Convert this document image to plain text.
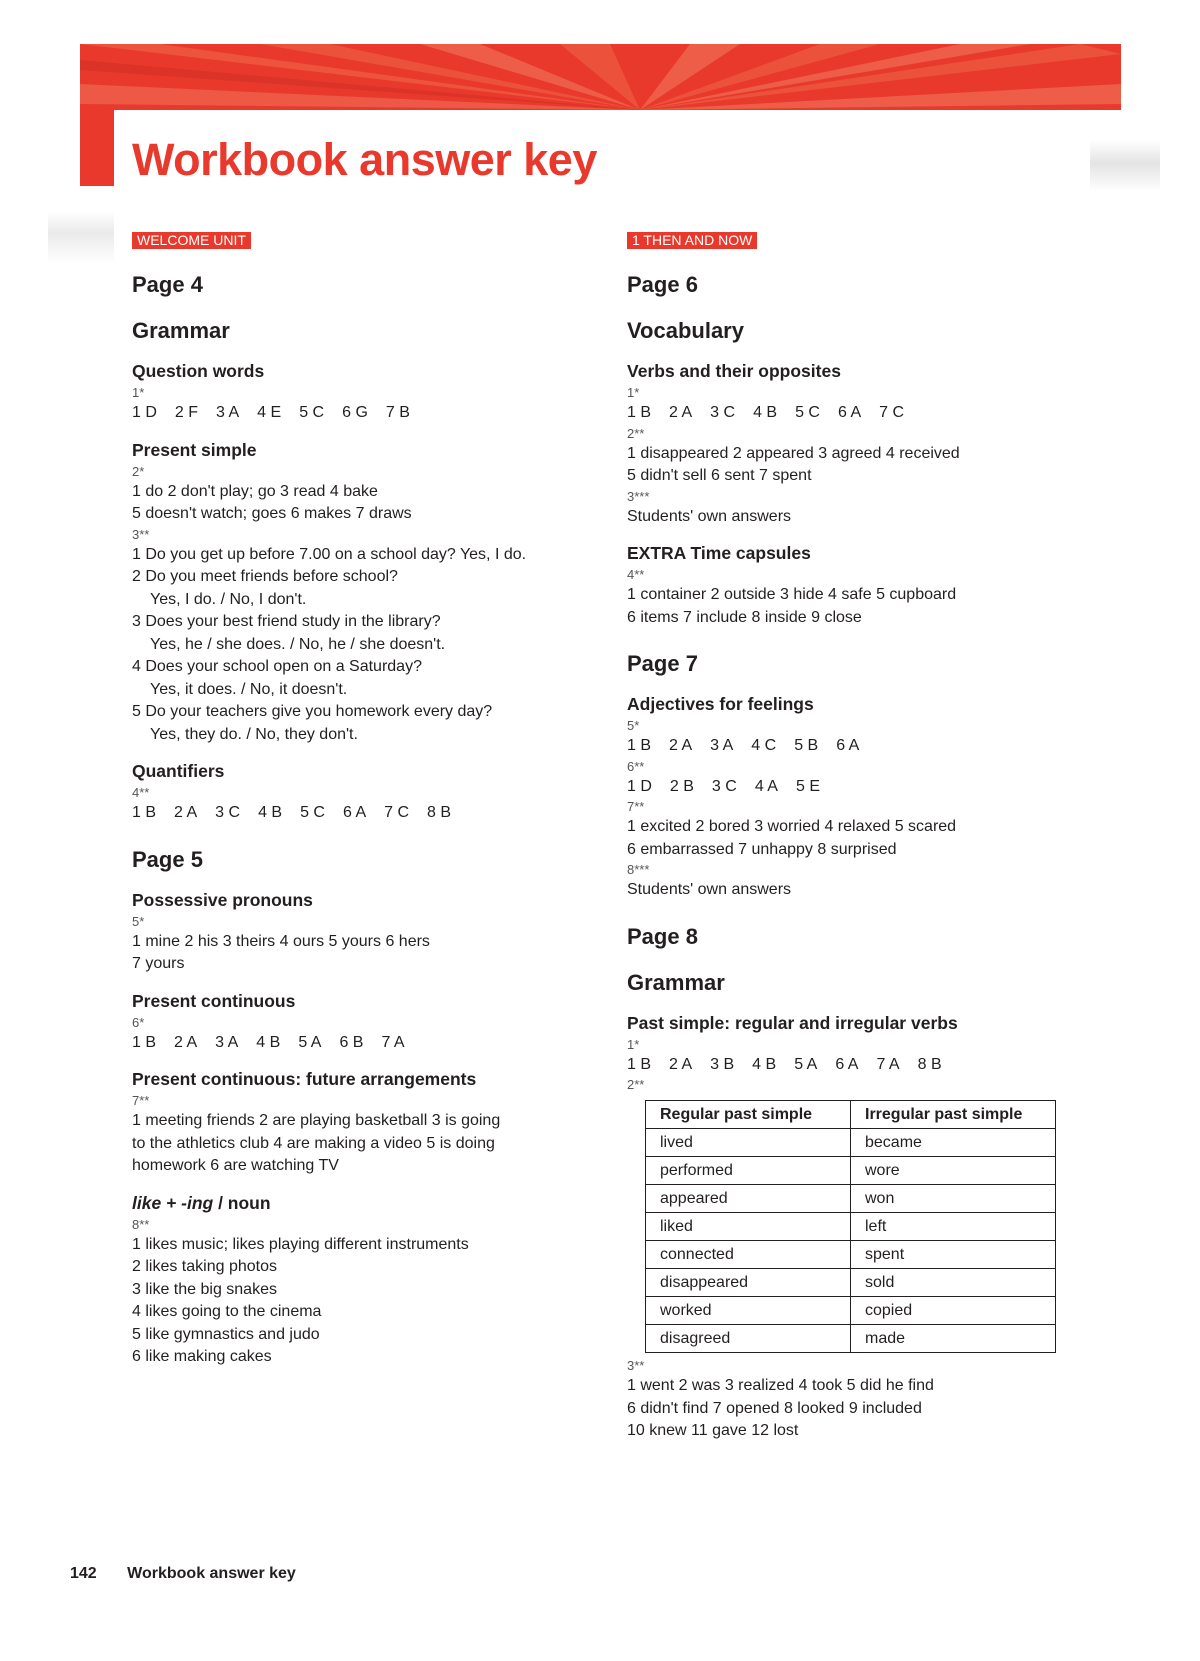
Workbook answer key
WELCOME UNIT
Page 4
Grammar
Question words

1*

1 D 2 F 3 A 4 E 5 C 6 G 7 B

Present simple

2*

1 do 2 don't play; go 3 read 4 bake

5 doesn't watch; goes 6 makes 7 draws

3**

1 Do you get up before 7.00 on a school day? Yes, I do.

2 Do you meet friends before school?

Yes, I do. / No, I don't.

3 Does your best friend study in the library?

Yes, he / she does. / No, he / she doesn't.

4 Does your school open on a Saturday?

Yes, it does. / No, it doesn't.

5 Do your teachers give you homework every day?

Yes, they do. / No, they don't.

Quantifiers

4**

1 B 2 A 3 C 4 B 5 C 6 A 7 C 8 B

Page 5
Possessive pronouns

5*

1 mine 2 his 3 theirs 4 ours 5 yours 6 hers

7 yours

Present continuous

6*

1 B 2 A 3 A 4 B 5 A 6 B 7 A

Present continuous: future arrangements

7**

1 meeting friends 2 are playing basketball 3 is going

to the athletics club 4 are making a video 5 is doing

homework 6 are watching TV

like + -ing / noun

8**

1 likes music; likes playing different instruments

2 likes taking photos

3 like the big snakes

4 likes going to the cinema

5 like gymnastics and judo

6 like making cakes

1 THEN AND NOW
Page 6
Vocabulary
Verbs and their opposites

1*

1 B 2 A 3 C 4 B 5 C 6 A 7 C

2**

1 disappeared 2 appeared 3 agreed 4 received

5 didn't sell 6 sent 7 spent

3***

Students' own answers

EXTRA Time capsules

4**

1 container 2 outside 3 hide 4 safe 5 cupboard

6 items 7 include 8 inside 9 close

Page 7
Adjectives for feelings

5*

1 B 2 A 3 A 4 C 5 B 6 A

6**

1 D 2 B 3 C 4 A 5 E

7**

1 excited 2 bored 3 worried 4 relaxed 5 scared

6 embarrassed 7 unhappy 8 surprised

8***

Students' own answers

Page 8
Grammar
Past simple: regular and irregular verbs

1*

1 B 2 A 3 B 4 B 5 A 6 A 7 A 8 B

2**

Regular past simple	Irregular past simple
lived	became
performed	wore
appeared	won
liked	left
connected	spent
disappeared	sold
worked	copied
disagreed	made

3**

1 went 2 was 3 realized 4 took 5 did he find

6 didn't find 7 opened 8 looked 9 included

10 knew 11 gave 12 lost

142 Workbook answer key
